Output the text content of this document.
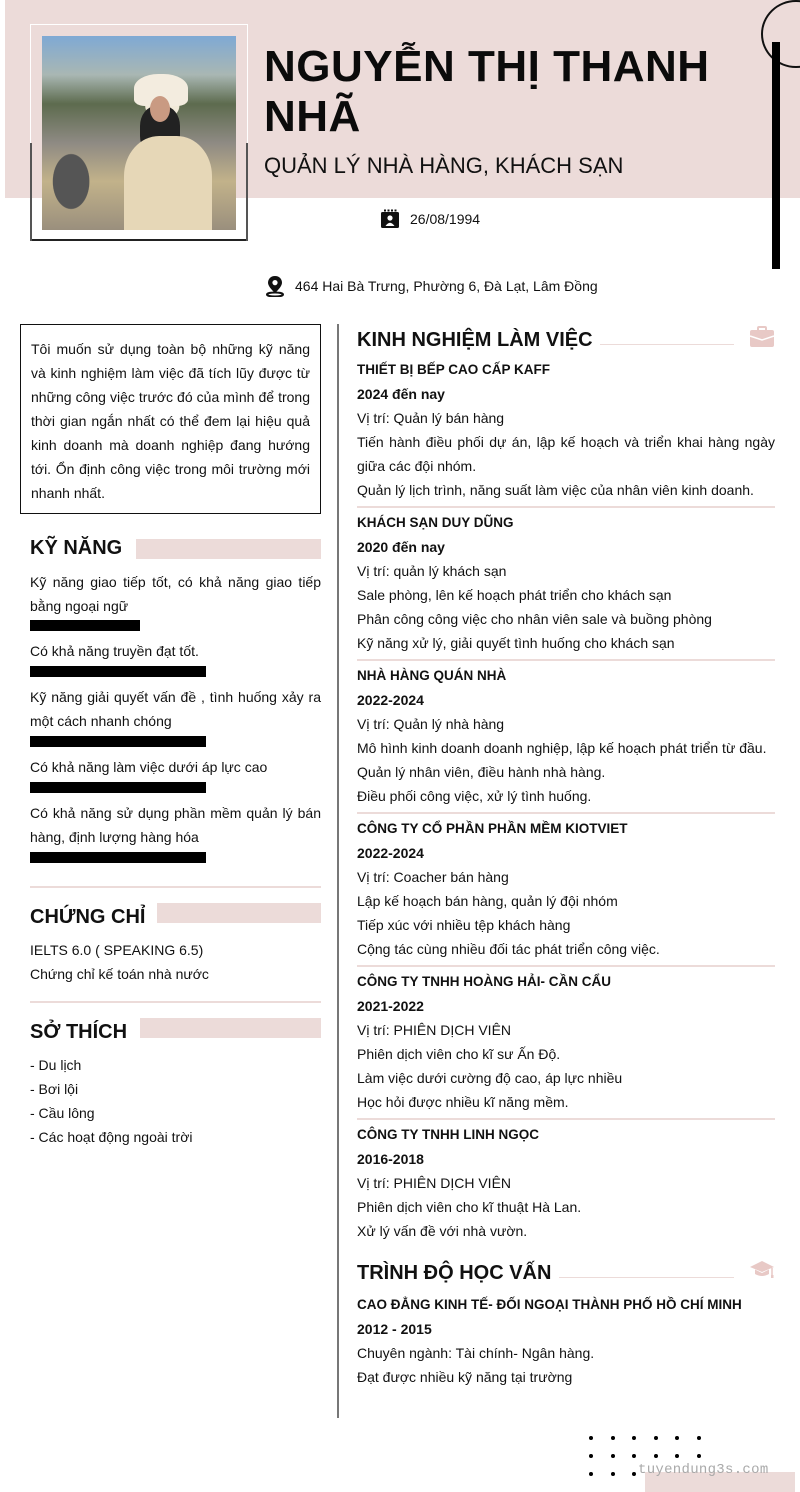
NGUYỄN THỊ THANH NHÃ
QUẢN LÝ NHÀ HÀNG, KHÁCH SẠN
26/08/1994
464 Hai Bà Trưng, Phường 6, Đà Lạt, Lâm Đồng
Tôi muốn sử dụng toàn bộ những kỹ năng và kinh nghiệm làm việc đã tích lũy được từ những công việc trước đó của mình để trong thời gian ngắn nhất có thể đem lại hiệu quả kinh doanh mà doanh nghiệp đang hướng tới. Ổn định công việc trong môi trường mới nhanh nhất.
KỸ NĂNG
Kỹ năng giao tiếp tốt, có khả năng giao tiếp bằng ngoại ngữ
Có khả năng truyền đạt tốt.
Kỹ năng giải quyết vấn đề , tình huống xảy ra một cách nhanh chóng
Có khả năng làm việc dưới áp lực cao
Có khả năng sử dụng phần mềm quản lý bán hàng, định lượng hàng hóa
CHỨNG CHỈ
IELTS 6.0 ( SPEAKING 6.5)
Chứng chỉ kế toán nhà nước
SỞ THÍCH
- Du lịch
- Bơi lội
- Cầu lông
- Các hoạt động ngoài trời
KINH NGHIỆM LÀM VIỆC
THIẾT BỊ BẾP CAO CẤP KAFF
2024 đến nay
Vị trí: Quản lý bán hàng
Tiến hành điều phối dự án, lập kế hoạch và triển khai hàng ngày giữa các đội nhóm.
Quản lý lịch trình, năng suất làm việc của nhân viên kinh doanh.
KHÁCH SẠN DUY DŨNG
2020 đến nay
Vị trí: quản lý khách sạn
Sale phòng, lên kế hoạch phát triển cho khách sạn
Phân công công việc cho nhân viên sale và buồng phòng
Kỹ năng xử lý, giải quyết tình huống cho khách sạn
NHÀ HÀNG QUÁN NHÀ
2022-2024
Vị trí: Quản lý nhà hàng
Mô hình kinh doanh doanh nghiệp, lập kế hoạch phát triển từ đầu.
Quản lý nhân viên, điều hành nhà hàng.
Điều phối công việc, xử lý tình huống.
CÔNG TY CỔ PHẦN PHẦN MỀM KIOTVIET
2022-2024
Vị trí: Coacher bán hàng
Lập kế hoạch bán hàng, quản lý đội nhóm
Tiếp xúc với nhiều tệp khách hàng
Cộng tác cùng nhiều đối tác phát triển công việc.
CÔNG TY TNHH HOÀNG HẢI- CẦN CẨU
2021-2022
Vị trí: PHIÊN DỊCH VIÊN
Phiên dịch viên cho kĩ sư Ấn Độ.
Làm việc dưới cường độ cao, áp lực nhiều
Học hỏi được nhiều kĩ năng mềm.
CÔNG TY TNHH LINH NGỌC
2016-2018
Vị trí: PHIÊN DỊCH VIÊN
Phiên dịch viên cho kĩ thuật Hà Lan.
Xử lý vấn đề với nhà vườn.
TRÌNH ĐỘ HỌC VẤN
CAO ĐẲNG KINH TẾ- ĐỐI NGOẠI THÀNH PHỐ HỒ CHÍ MINH
2012 - 2015
Chuyên ngành: Tài chính- Ngân hàng.
Đạt được nhiều kỹ năng tại trường
tuyendung3s.com
